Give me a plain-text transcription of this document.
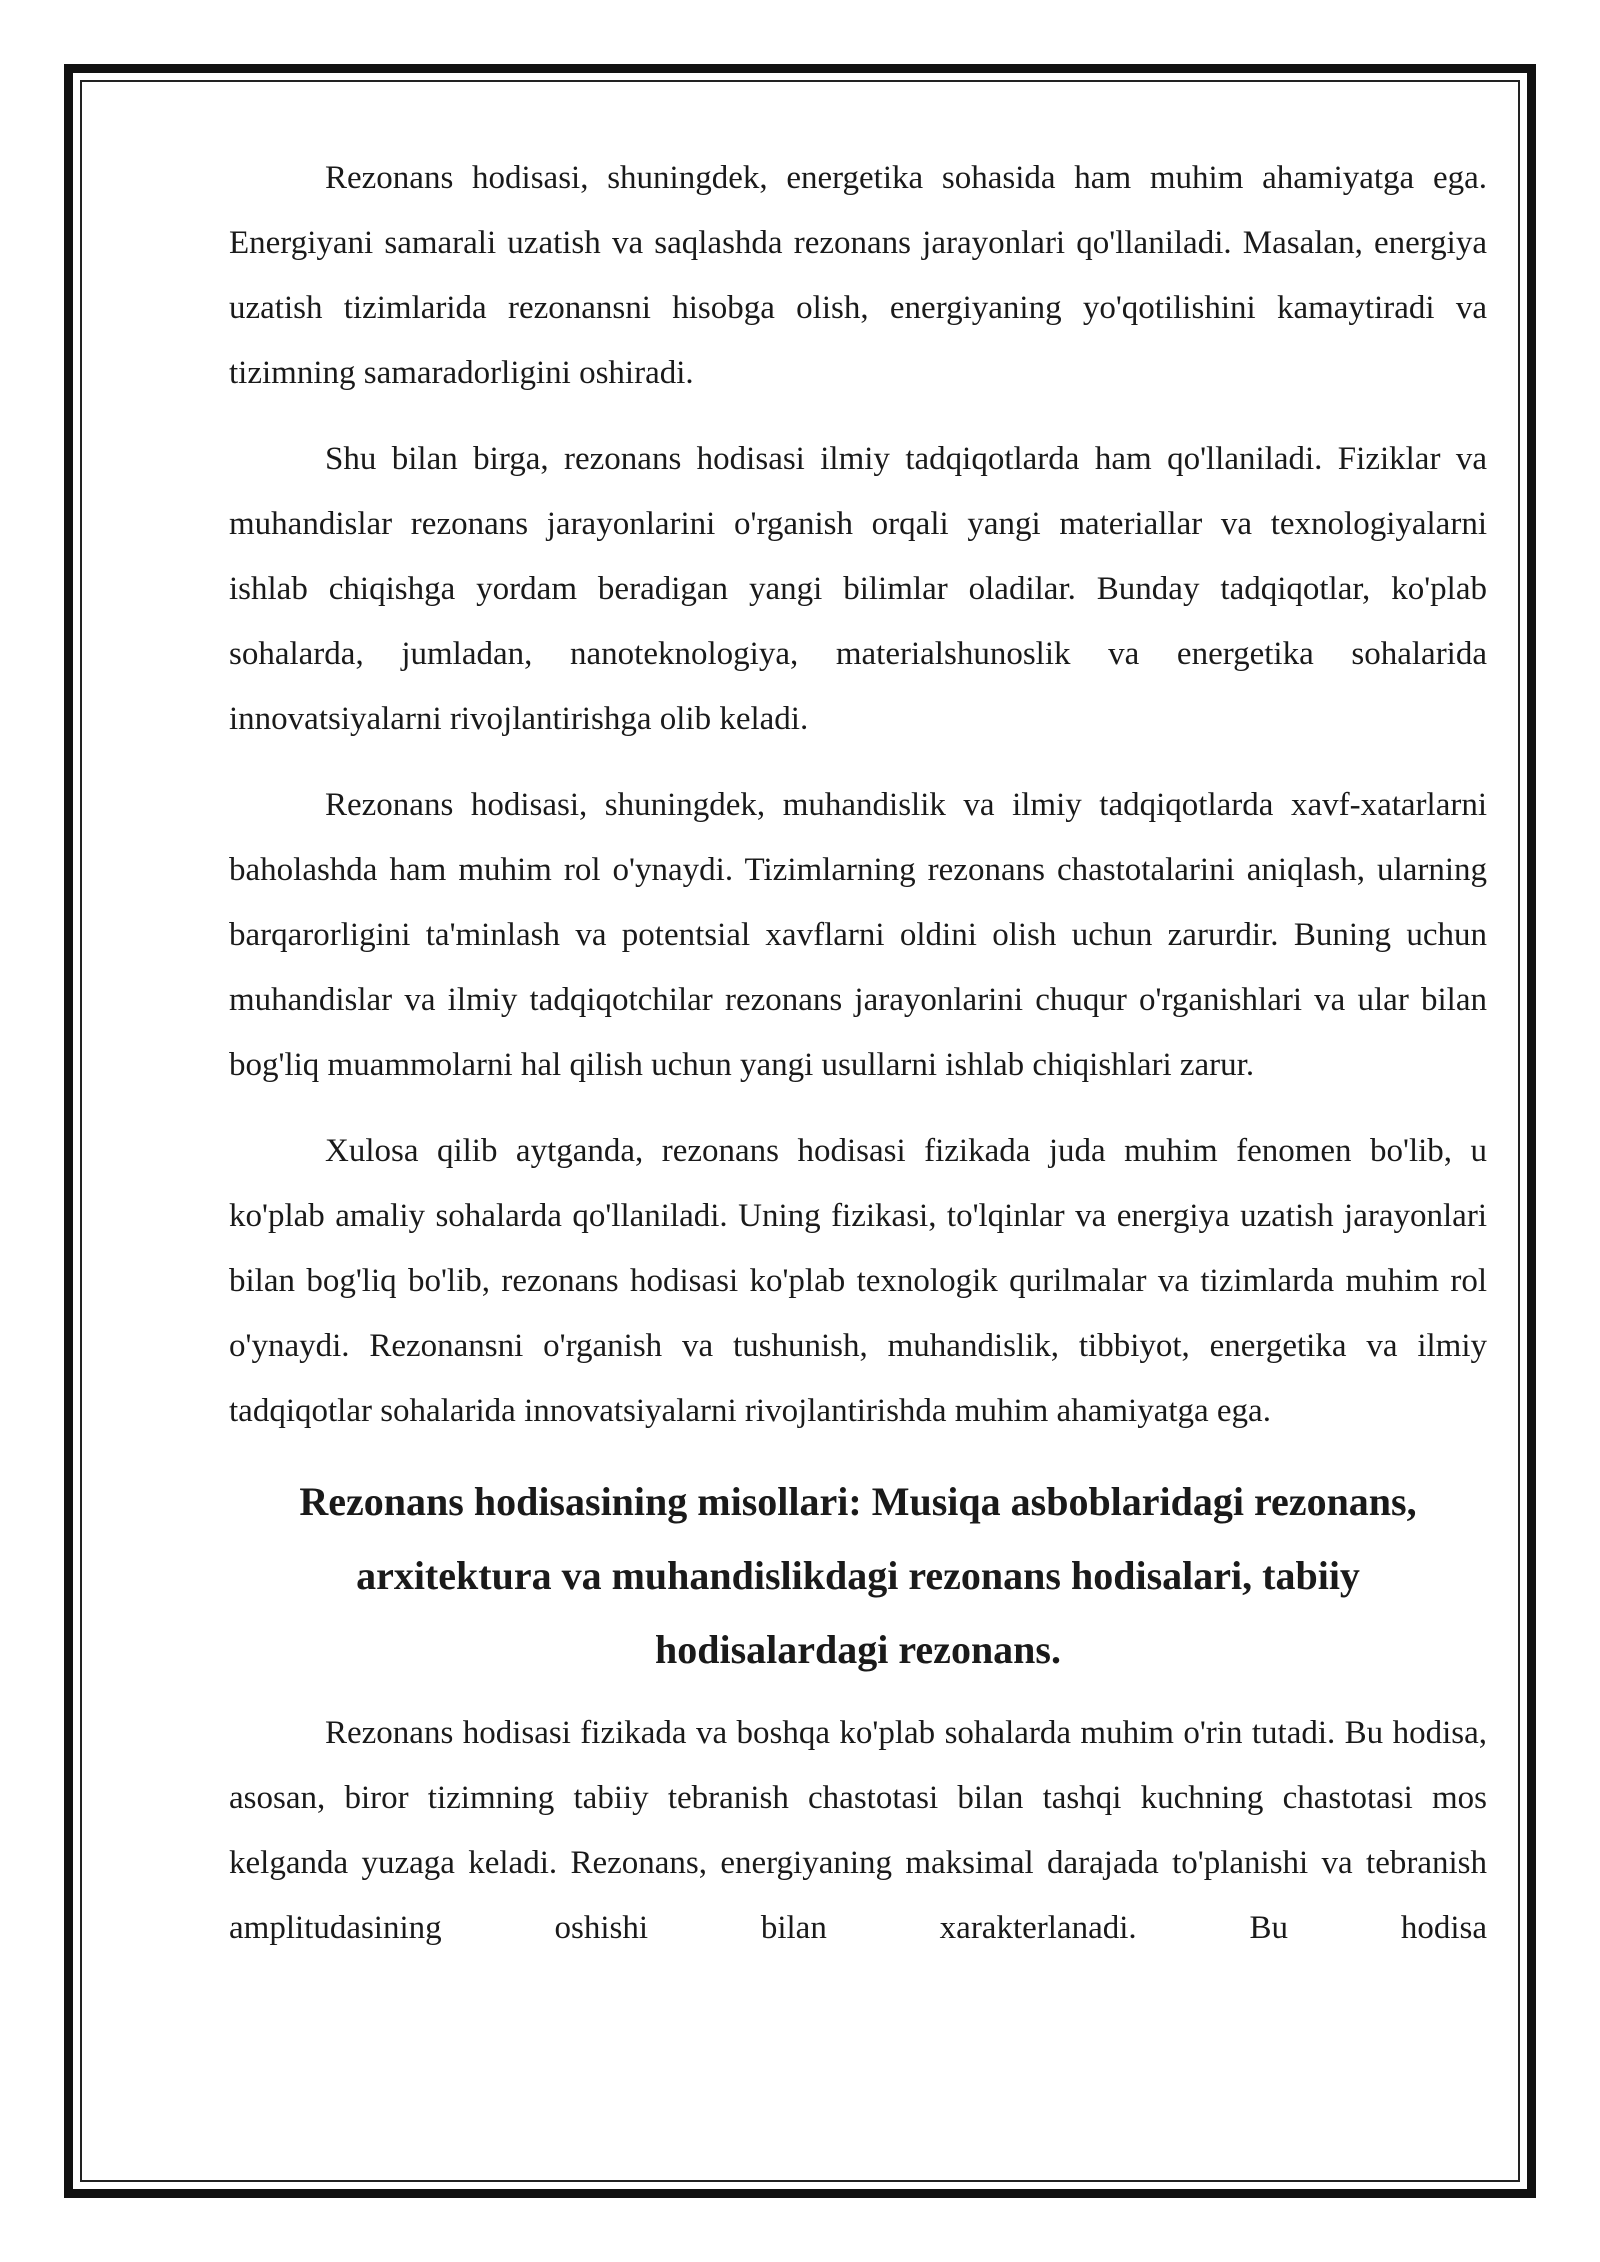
Rezonans hodisasi, shuningdek, energetika sohasida ham muhim ahamiyatga ega. Energiyani samarali uzatish va saqlashda rezonans jarayonlari qo'llaniladi. Masalan, energiya uzatish tizimlarida rezonansni hisobga olish, energiyaning yo'qotilishini kamaytiradi va tizimning samaradorligini oshiradi.

Shu bilan birga, rezonans hodisasi ilmiy tadqiqotlarda ham qo'llaniladi. Fiziklar va muhandislar rezonans jarayonlarini o'rganish orqali yangi materiallar va texnologiyalarni ishlab chiqishga yordam beradigan yangi bilimlar oladilar. Bunday tadqiqotlar, ko'plab sohalarda, jumladan, nanoteknologiya, materialshunoslik va energetika sohalarida innovatsiyalarni rivojlantirishga olib keladi.

Rezonans hodisasi, shuningdek, muhandislik va ilmiy tadqiqotlarda xavf-xatarlarni baholashda ham muhim rol o'ynaydi. Tizimlarning rezonans chastotalarini aniqlash, ularning barqarorligini ta'minlash va potentsial xavflarni oldini olish uchun zarurdir. Buning uchun muhandislar va ilmiy tadqiqotchilar rezonans jarayonlarini chuqur o'rganishlari va ular bilan bog'liq muammolarni hal qilish uchun yangi usullarni ishlab chiqishlari zarur.

Xulosa qilib aytganda, rezonans hodisasi fizikada juda muhim fenomen bo'lib, u ko'plab amaliy sohalarda qo'llaniladi. Uning fizikasi, to'lqinlar va energiya uzatish jarayonlari bilan bog'liq bo'lib, rezonans hodisasi ko'plab texnologik qurilmalar va tizimlarda muhim rol o'ynaydi. Rezonansni o'rganish va tushunish, muhandislik, tibbiyot, energetika va ilmiy tadqiqotlar sohalarida innovatsiyalarni rivojlantirishda muhim ahamiyatga ega.

Rezonans hodisasining misollari: Musiqa asboblaridagi rezonans, arxitektura va muhandislikdagi rezonans hodisalari, tabiiy hodisalardagi rezonans.

Rezonans hodisasi fizikada va boshqa ko'plab sohalarda muhim o'rin tutadi. Bu hodisa, asosan, biror tizimning tabiiy tebranish chastotasi bilan tashqi kuchning chastotasi mos kelganda yuzaga keladi. Rezonans, energiyaning maksimal darajada to'planishi va tebranish amplitudasining oshishi bilan xarakterlanadi. Bu hodisa
